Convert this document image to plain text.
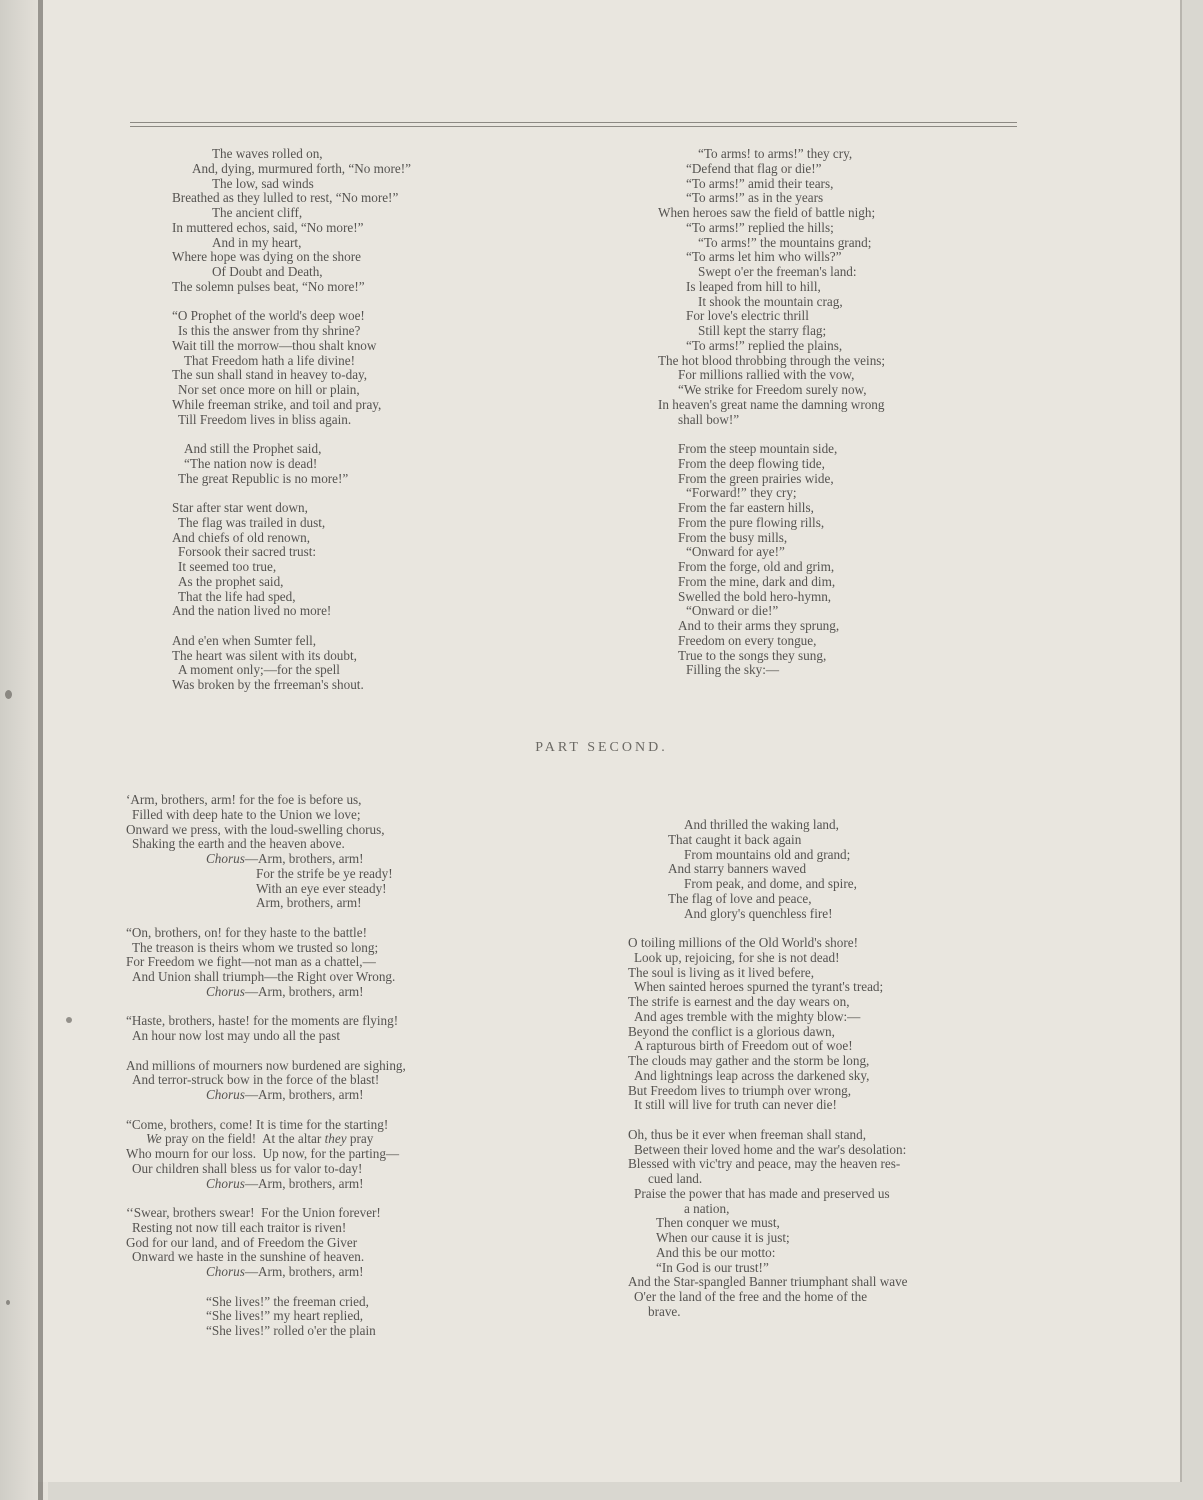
The waves rolled on,
And, dying, murmured forth, “No more!”
The low, sad winds
Breathed as they lulled to rest, “No more!”
The ancient cliff,
In muttered echos, said, “No more!”
And in my heart,
Where hope was dying on the shore
Of Doubt and Death,
The solemn pulses beat, “No more!”
“O Prophet of the world's deep woe!
Is this the answer from thy shrine?
Wait till the morrow—thou shalt know
That Freedom hath a life divine!
The sun shall stand in heavey to-day,
Nor set once more on hill or plain,
While freeman strike, and toil and pray,
Till Freedom lives in bliss again.
And still the Prophet said,
“The nation now is dead!
The great Republic is no more!”
Star after star went down,
The flag was trailed in dust,
And chiefs of old renown,
Forsook their sacred trust:
It seemed too true,
As the prophet said,
That the life had sped,
And the nation lived no more!
And e'en when Sumter fell,
The heart was silent with its doubt,
A moment only;—for the spell
Was broken by the frreeman's shout.
“To arms! to arms!” they cry,
“Defend that flag or die!”
“To arms!” amid their tears,
“To arms!” as in the years
When heroes saw the field of battle nigh;
“To arms!” replied the hills;
“To arms!” the mountains grand;
“To arms let him who wills?”
Swept o'er the freeman's land:
Is leaped from hill to hill,
It shook the mountain crag,
For love's electric thrill
Still kept the starry flag;
“To arms!” replied the plains,
The hot blood throbbing through the veins;
For millions rallied with the vow,
“We strike for Freedom surely now,
In heaven's great name the damning wrong
shall bow!”
From the steep mountain side,
From the deep flowing tide,
From the green prairies wide,
“Forward!” they cry;
From the far eastern hills,
From the pure flowing rills,
From the busy mills,
“Onward for aye!”
From the forge, old and grim,
From the mine, dark and dim,
Swelled the bold hero-hymn,
“Onward or die!”
And to their arms they sprung,
Freedom on every tongue,
True to the songs they sung,
Filling the sky:—
PART SECOND.
‘Arm, brothers, arm! for the foe is before us,
Filled with deep hate to the Union we love;
Onward we press, with the loud-swelling chorus,
Shaking the earth and the heaven above.
Chorus—Arm, brothers, arm!
For the strife be ye ready!
With an eye ever steady!
Arm, brothers, arm!
“On, brothers, on! for they haste to the battle!
The treason is theirs whom we trusted so long;
For Freedom we fight—not man as a chattel,—
And Union shall triumph—the Right over Wrong.
Chorus—Arm, brothers, arm!
“Haste, brothers, haste! for the moments are flying!
An hour now lost may undo all the past
And millions of mourners now burdened are sighing,
And terror-struck bow in the force of the blast!
Chorus—Arm, brothers, arm!
“Come, brothers, come! It is time for the starting!
We pray on the field!  At the altar they pray
Who mourn for our loss.  Up now, for the parting—
Our children shall bless us for valor to-day!
Chorus—Arm, brothers, arm!
‘‘Swear, brothers swear!  For the Union forever!
Resting not now till each traitor is riven!
God for our land, and of Freedom the Giver
Onward we haste in the sunshine of heaven.
Chorus—Arm, brothers, arm!
“She lives!” the freeman cried,
“She lives!” my heart replied,
“She lives!” rolled o'er the plain
And thrilled the waking land,
That caught it back again
From mountains old and grand;
And starry banners waved
From peak, and dome, and spire,
The flag of love and peace,
And glory's quenchless fire!
O toiling millions of the Old World's shore!
Look up, rejoicing, for she is not dead!
The soul is living as it lived befere,
When sainted heroes spurned the tyrant's tread;
The strife is earnest and the day wears on,
And ages tremble with the mighty blow:—
Beyond the conflict is a glorious dawn,
A rapturous birth of Freedom out of woe!
The clouds may gather and the storm be long,
And lightnings leap across the darkened sky,
But Freedom lives to triumph over wrong,
It still will live for truth can never die!
Oh, thus be it ever when freeman shall stand,
Between their loved home and the war's desolation:
Blessed with vic'try and peace, may the heaven res-
cued land.
Praise the power that has made and preserved us
a nation,
Then conquer we must,
When our cause it is just;
And this be our motto:
“In God is our trust!”
And the Star-spangled Banner triumphant shall wave
O'er the land of the free and the home of the
brave.
